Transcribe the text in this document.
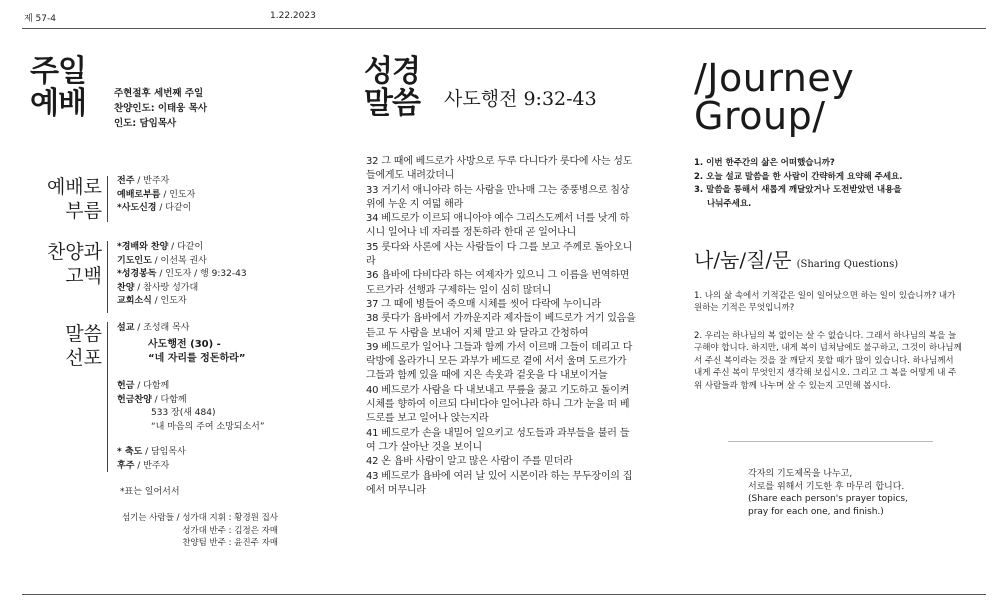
제 57-4	1.22.2023
주일
예배	주현절후 세번째 주일
찬양인도: 이태웅 목사
인도: 담임목사
예배로
부름
전주 / 반주자
예배로부름 / 인도자
*사도신경 / 다같이
찬양과
고백
*경배와 찬양 / 다같이
기도인도 / 이선복 권사
*성경봉독 / 인도자 / 행 9:32-43
찬양 / 참사랑 성가대
교회소식 / 인도자
말씀
선포
설교 / 조성래 목사
사도행전 (30) -
“네 자리를 정돈하라”
헌금 / 다함께
헌금찬양 / 다함께
533 장(새 484)
“내 마음의 주여 소망되소서”
* 축도 / 담임목사
후주 / 반주자
*표는 일어서서
섬기는 사람들 / 성가대 지휘 : 황경원 집사
성가대 반주 : 김정은 자매
찬양팀 반주 : 윤진주 자매
성경
말씀 사도행전 9:32-43

32 그 때에 베드로가 사방으로 두루 다니다가 룻다에 사는 성도들에게도 내려갔더니

33 거기서 애니아라 하는 사람을 만나매 그는 중풍병으로 침상 위에 누운 지 여덟 해라

34 베드로가 이르되 애니아야 예수 그리스도께서 너를 낫게 하시니 일어나 네 자리를 정돈하라 한대 곧 일어나니

35 룻다와 사론에 사는 사람들이 다 그를 보고 주께로 돌아오니라

36 욥바에 다비다라 하는 여제자가 있으니 그 이름을 번역하면 도르가라 선행과 구제하는 일이 심히 많더니

37 그 때에 병들어 죽으매 시체를 씻어 다락에 누이니라

38 룻다가 욥바에서 가까운지라 제자들이 베드로가 거기 있음을 듣고 두 사람을 보내어 지체 말고 와 달라고 간청하여

39 베드로가 일어나 그들과 함께 가서 이르매 그들이 데리고 다락방에 올라가니 모든 과부가 베드로 곁에 서서 울며 도르가가 그들과 함께 있을 때에 지은 속옷과 겉옷을 다 내보이거늘

40 베드로가 사람을 다 내보내고 무릎을 꿇고 기도하고 돌이켜 시체를 향하여 이르되 다비다야 일어나라 하니 그가 눈을 떠 베드로를 보고 일어나 앉는지라

41 베드로가 손을 내밀어 일으키고 성도들과 과부들을 불러 들여 그가 살아난 것을 보이니

42 온 욥바 사람이 알고 많은 사람이 주를 믿더라

43 베드로가 욥바에 여러 날 있어 시몬이라 하는 무두장이의 집에서 머무니라

/Journey
Group/
1. 이번 한주간의 삶은 어떠했습니까?
2. 오늘 설교 말씀을 한 사람이 간략하게 요약해 주세요.
3. 말씀을 통해서 새롭게 깨달았거나 도전받았던 내용을
나눠주세요.
나/눔/질/문 (Sharing Questions)
1. 나의 삶 속에서 기적같은 일이 일어났으면 하는 일이 있습니까? 내가 원하는 기적은 무엇입니까?
2. 우리는 하나님의 복 없이는 살 수 없습니다. 그래서 하나님의 복을 늘 구해야 합니다. 하지만, 내게 복이 넘쳐남에도 불구하고, 그것이 하나님께서 주신 복이라는 것을 잘 깨닫지 못할 때가 많이 있습니다. 하나님께서 내게 주신 복이 무엇인지 생각해 보십시오. 그리고 그 복을 어떻게 내 주위 사람들과 함께 나누며 살 수 있는지 고민해 봅시다.
각자의 기도제목을 나누고,
서로를 위해서 기도한 후 마무리 합니다.
(Share each person's prayer topics,
pray for each one, and finish.)
